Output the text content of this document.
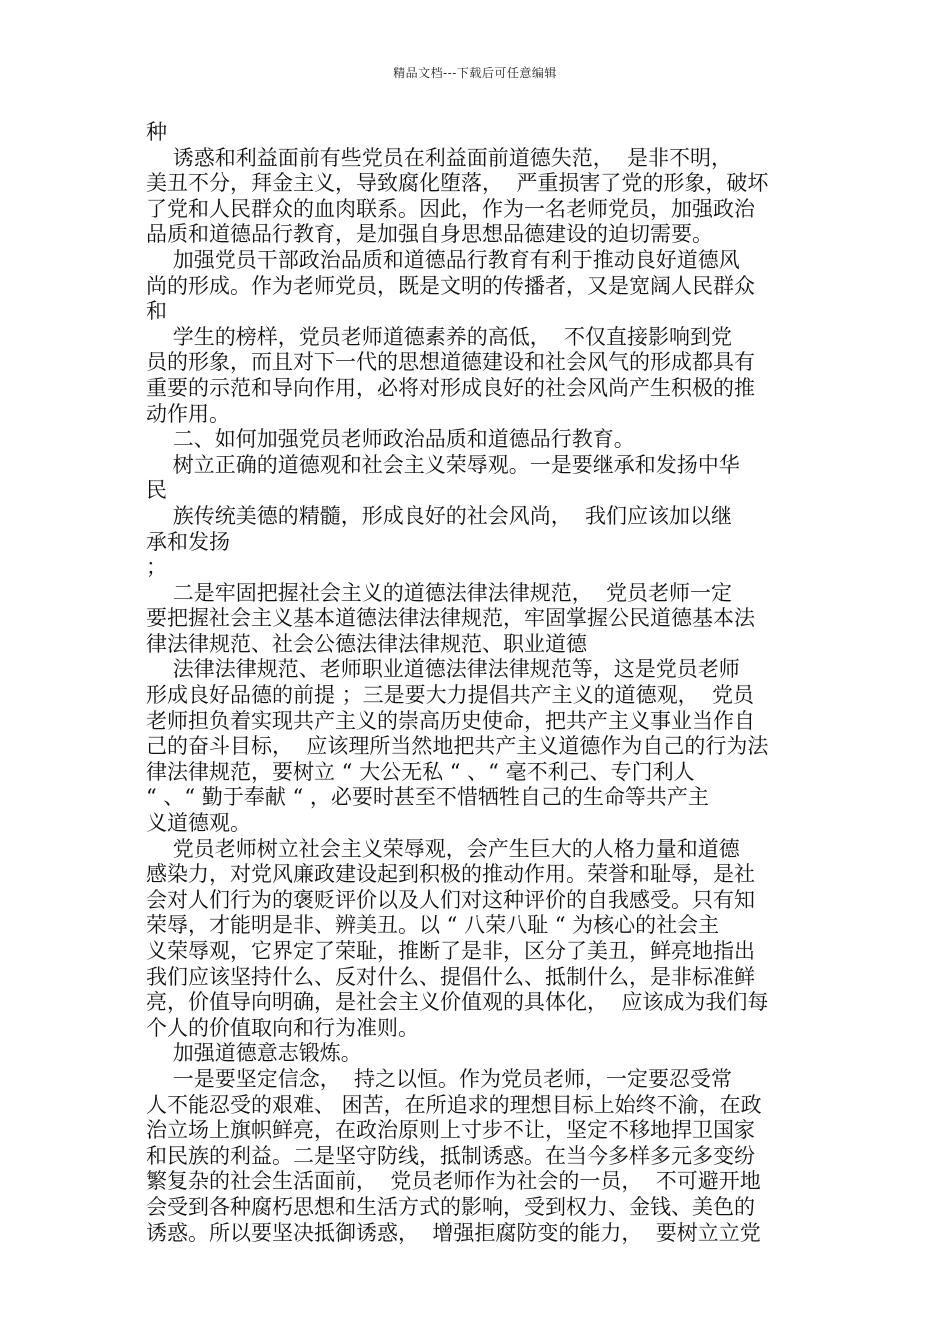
精品文档---下载后可任意编辑
种
诱惑和利益面前有些党员在利益面前道德失范，  是非不明，
美丑不分，拜金主义，导致腐化堕落，  严重损害了党的形象，破坏
了党和人民群众的血肉联系。因此，作为一名老师党员，加强政治
品质和道德品行教育，是加强自身思想品德建设的迫切需要。
加强党员干部政治品质和道德品行教育有利于推动良好道德风
尚的形成。作为老师党员，既是文明的传播者，又是宽阔人民群众
和
学生的榜样，党员老师道德素养的高低，  不仅直接影响到党
员的形象，而且对下一代的思想道德建设和社会风气的形成都具有
重要的示范和导向作用，必将对形成良好的社会风尚产生积极的推
动作用。
二、如何加强党员老师政治品质和道德品行教育。
树立正确的道德观和社会主义荣辱观。一是要继承和发扬中华
民
族传统美德的精髓，形成良好的社会风尚，  我们应该加以继
承和发扬
；
二是牢固把握社会主义的道德法律法律规范，  党员老师一定
要把握社会主义基本道德法律法律规范，牢固掌握公民道德基本法
律法律规范、社会公德法律法律规范、职业道德
法律法律规范、老师职业道德法律法律规范等，这是党员老师
形成良好品德的前提 ；三是要大力提倡共产主义的道德观，  党员
老师担负着实现共产主义的崇高历史使命，把共产主义事业当作自
己的奋斗目标，  应该理所当然地把共产主义道德作为自己的行为法
律法律规范，要树立 “ 大公无私 “ 、“ 毫不利己、专门利人
“ 、“ 勤于奉献 “ ，必要时甚至不惜牺牲自己的生命等共产主
义道德观。
党员老师树立社会主义荣辱观，会产生巨大的人格力量和道德
感染力，对党风廉政建设起到积极的推动作用。荣誉和耻辱，是社
会对人们行为的褒贬评价以及人们对这种评价的自我感受。只有知
荣辱，才能明是非、辨美丑。以 “ 八荣八耻 “ 为核心的社会主
义荣辱观，它界定了荣耻，推断了是非，区分了美丑，鲜亮地指出
我们应该坚持什么、反对什么、提倡什么、抵制什么，是非标准鲜
亮，价值导向明确，是社会主义价值观的具体化，  应该成为我们每
个人的价值取向和行为准则。
加强道德意志锻炼。
一是要坚定信念，  持之以恒。作为党员老师，一定要忍受常
人不能忍受的艰难、 困苦，在所追求的理想目标上始终不渝，在政
治立场上旗帜鲜亮，在政治原则上寸步不让，坚定不移地捍卫国家
和民族的利益。二是坚守防线，抵制诱惑。在当今多样多元多变纷
繁复杂的社会生活面前，  党员老师作为社会的一员，  不可避开地
会受到各种腐朽思想和生活方式的影响，受到权力、金钱、美色的
诱惑。所以要坚决抵御诱惑，  增强拒腐防变的能力，  要树立立党
